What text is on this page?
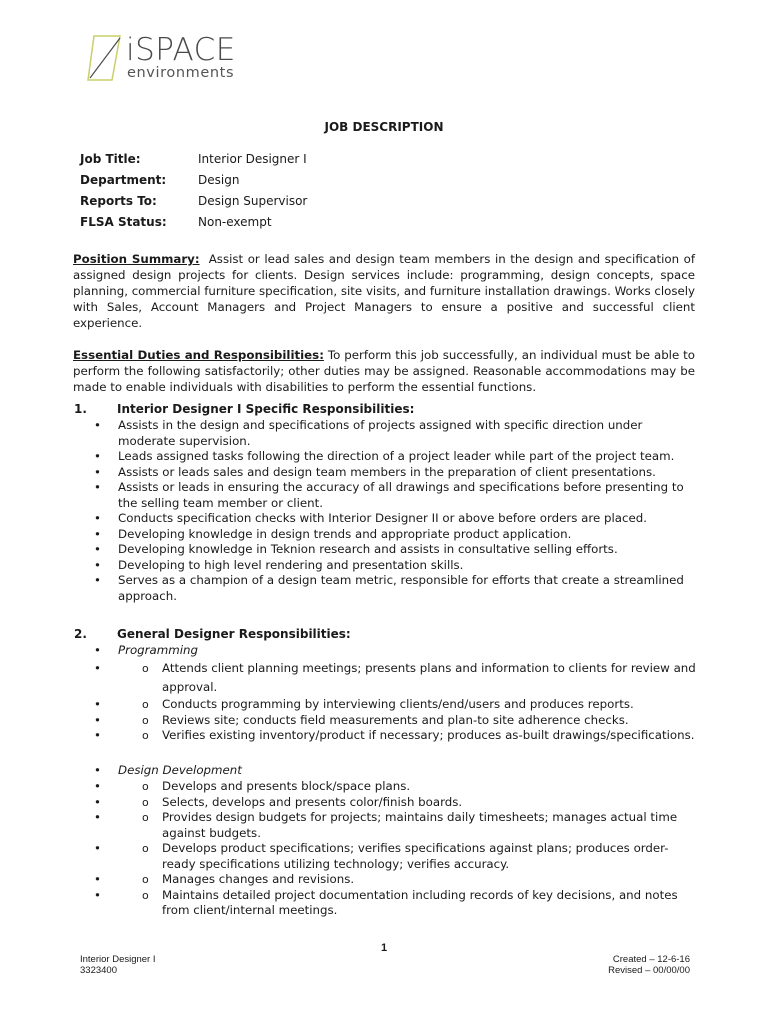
iSPACE
environments
JOB DESCRIPTION
Job Title:	Interior Designer I
Department:	Design
Reports To:	Design Supervisor
FLSA Status:	Non-exempt
Position Summary: Assist or lead sales and design team members in the design and specification of assigned design projects for clients. Design services include: programming, design concepts, space planning, commercial furniture specification, site visits, and furniture installation drawings. Works closely with Sales, Account Managers and Project Managers to ensure a positive and successful client experience.
Essential Duties and Responsibilities: To perform this job successfully, an individual must be able to perform the following satisfactorily; other duties may be assigned. Reasonable accommodations may be made to enable individuals with disabilities to perform the essential functions.
1.	Interior Designer I Specific Responsibilities:
• Assists in the design and specifications of projects assigned with specific direction under moderate supervision.
• Leads assigned tasks following the direction of a project leader while part of the project team.
• Assists or leads sales and design team members in the preparation of client presentations.
• Assists or leads in ensuring the accuracy of all drawings and specifications before presenting to the selling team member or client.
• Conducts specification checks with Interior Designer II or above before orders are placed.
• Developing knowledge in design trends and appropriate product application.
• Developing knowledge in Teknion research and assists in consultative selling efforts.
• Developing to high level rendering and presentation skills.
• Serves as a champion of a design team metric, responsible for efforts that create a streamlined approach.
2.	General Designer Responsibilities:
• Programming
• o Attends client planning meetings; presents plans and information to clients for review and approval.
• o Conducts programming by interviewing clients/end/users and produces reports.
• o Reviews site; conducts field measurements and plan-to site adherence checks.
• o Verifies existing inventory/product if necessary; produces as-built drawings/specifications.
• Design Development
• o Develops and presents block/space plans.
• o Selects, develops and presents color/finish boards.
• o Provides design budgets for projects; maintains daily timesheets; manages actual time against budgets.
• o Develops product specifications; verifies specifications against plans; produces order-ready specifications utilizing technology; verifies accuracy.
• o Manages changes and revisions.
• o Maintains detailed project documentation including records of key decisions, and notes from client/internal meetings.
1
Interior Designer I
3323400
Created – 12-6-16
Revised – 00/00/00
